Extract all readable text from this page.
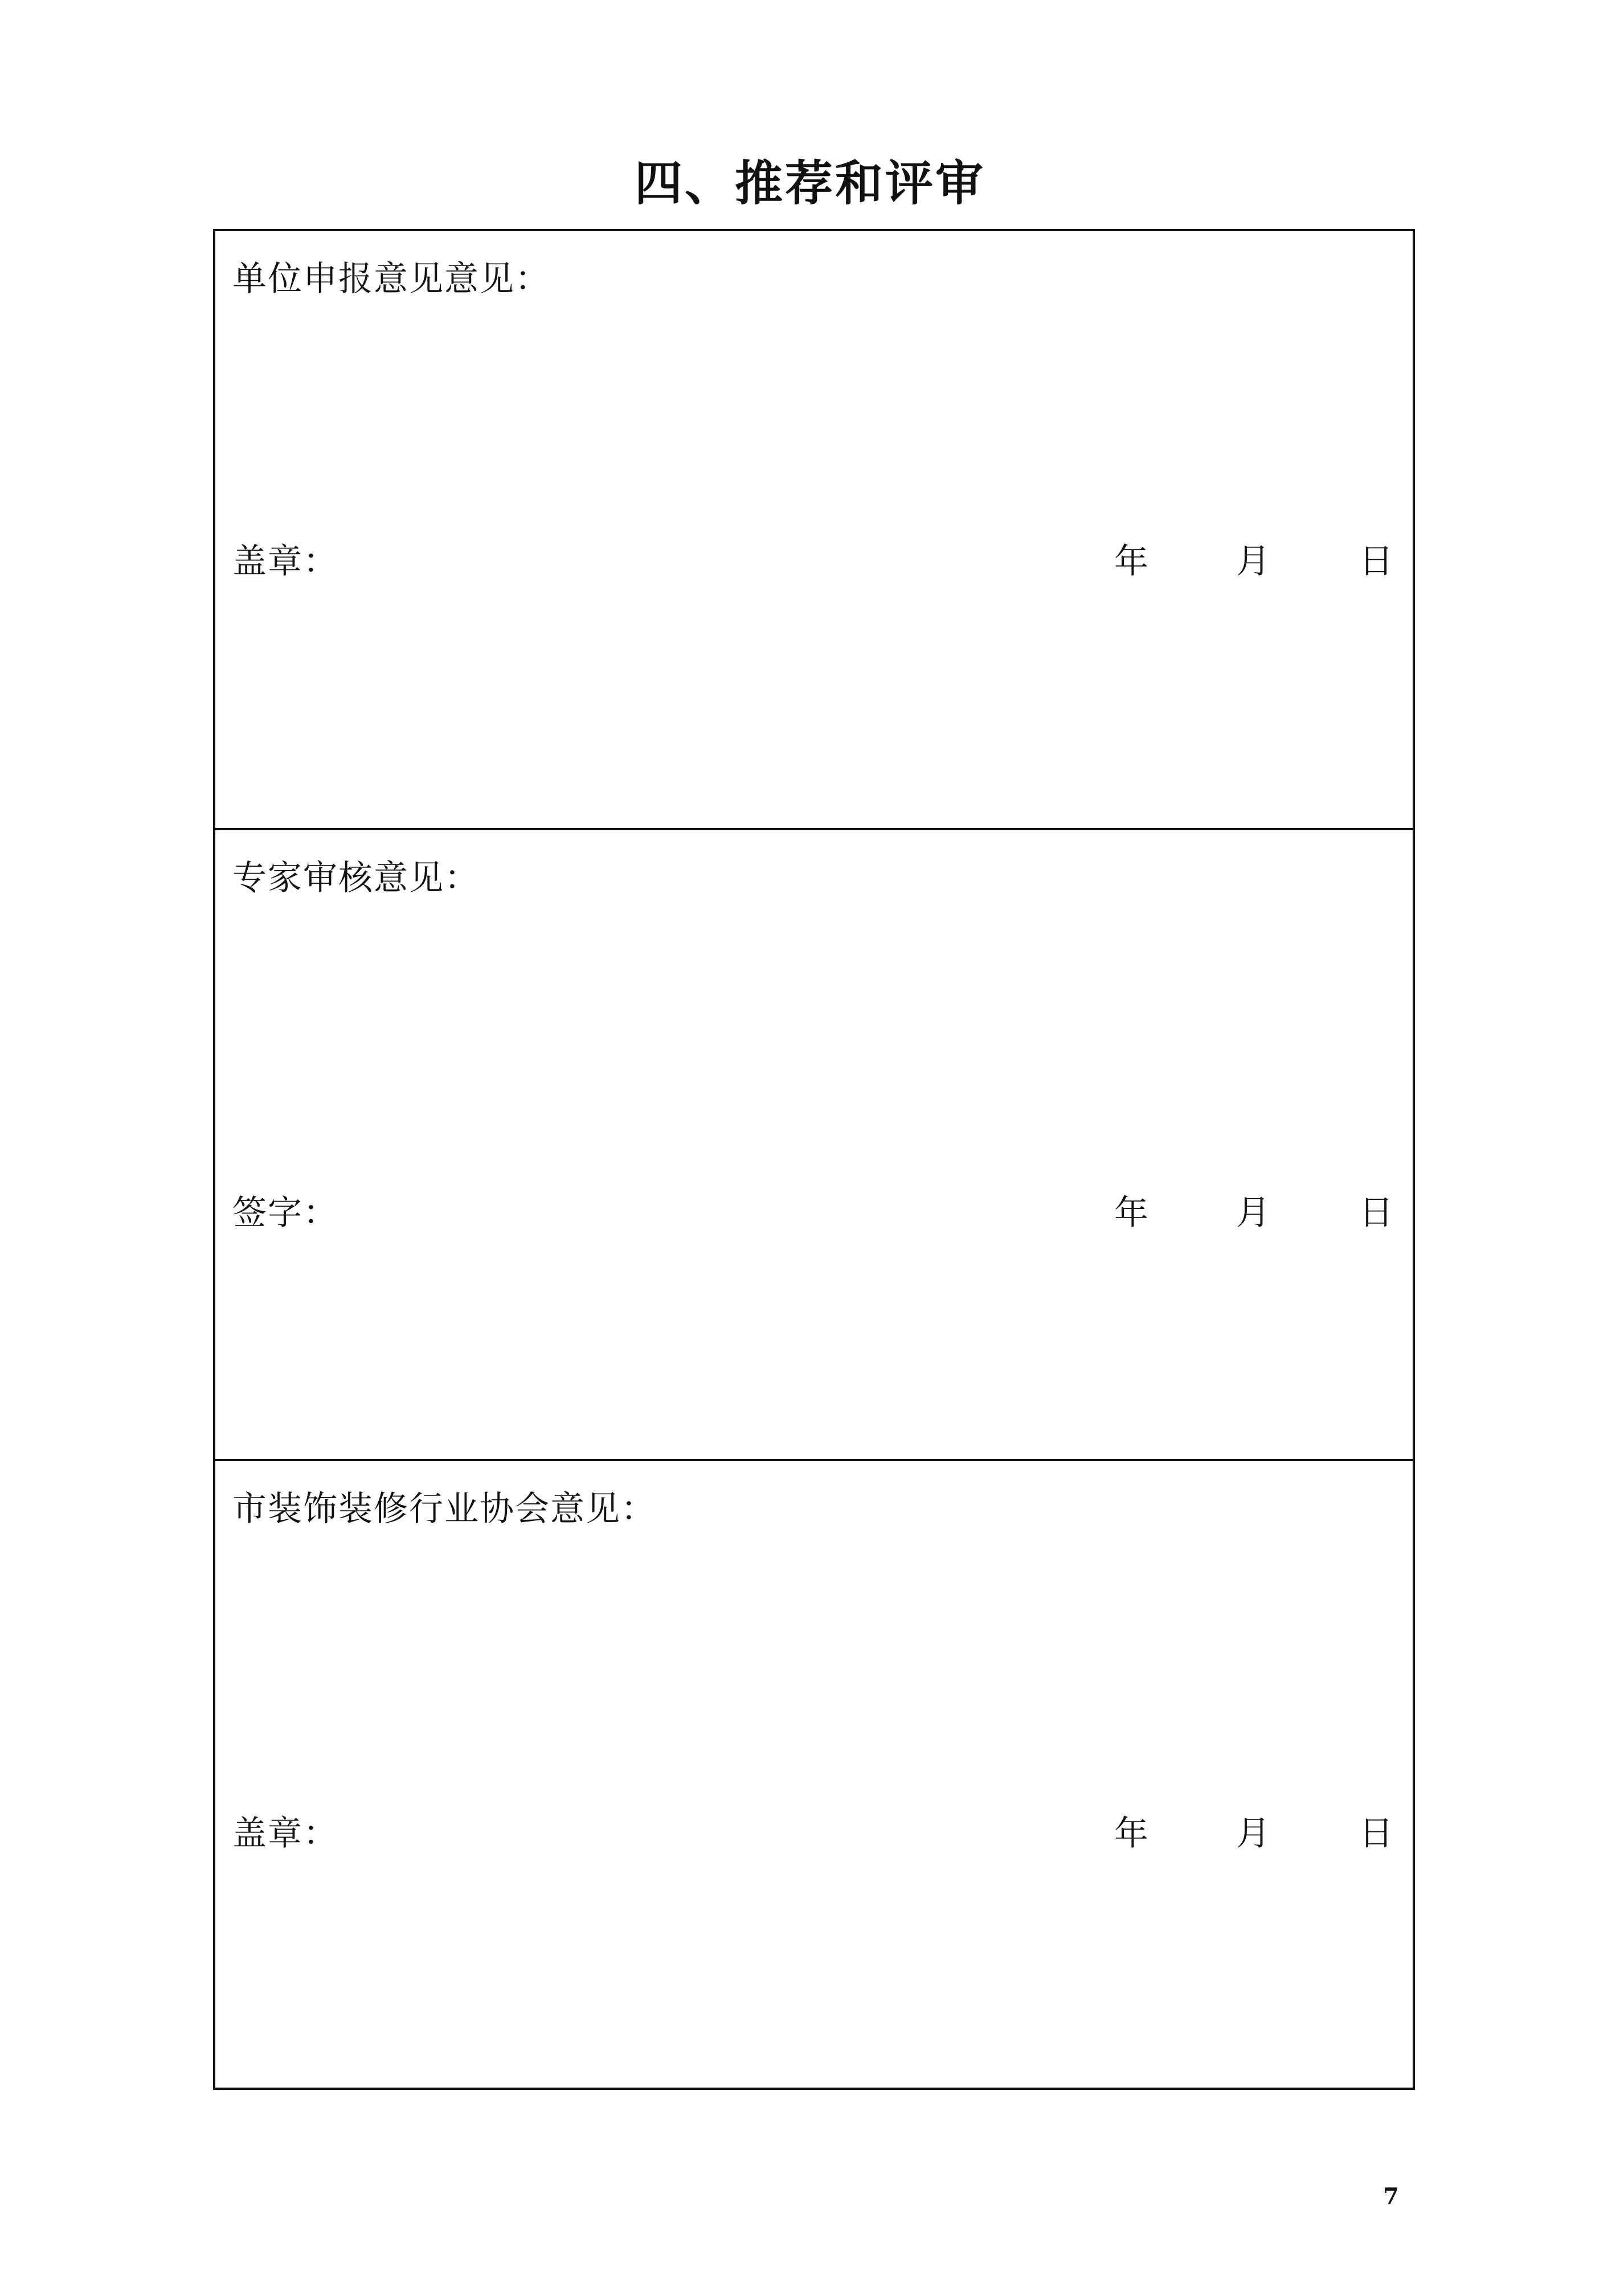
四、推荐和评审
单位申报意见意见：
盖章：	年	月	日
专家审核意见：
签字：	年	月	日
市装饰装修行业协会意见：
盖章：	年	月	日
7
